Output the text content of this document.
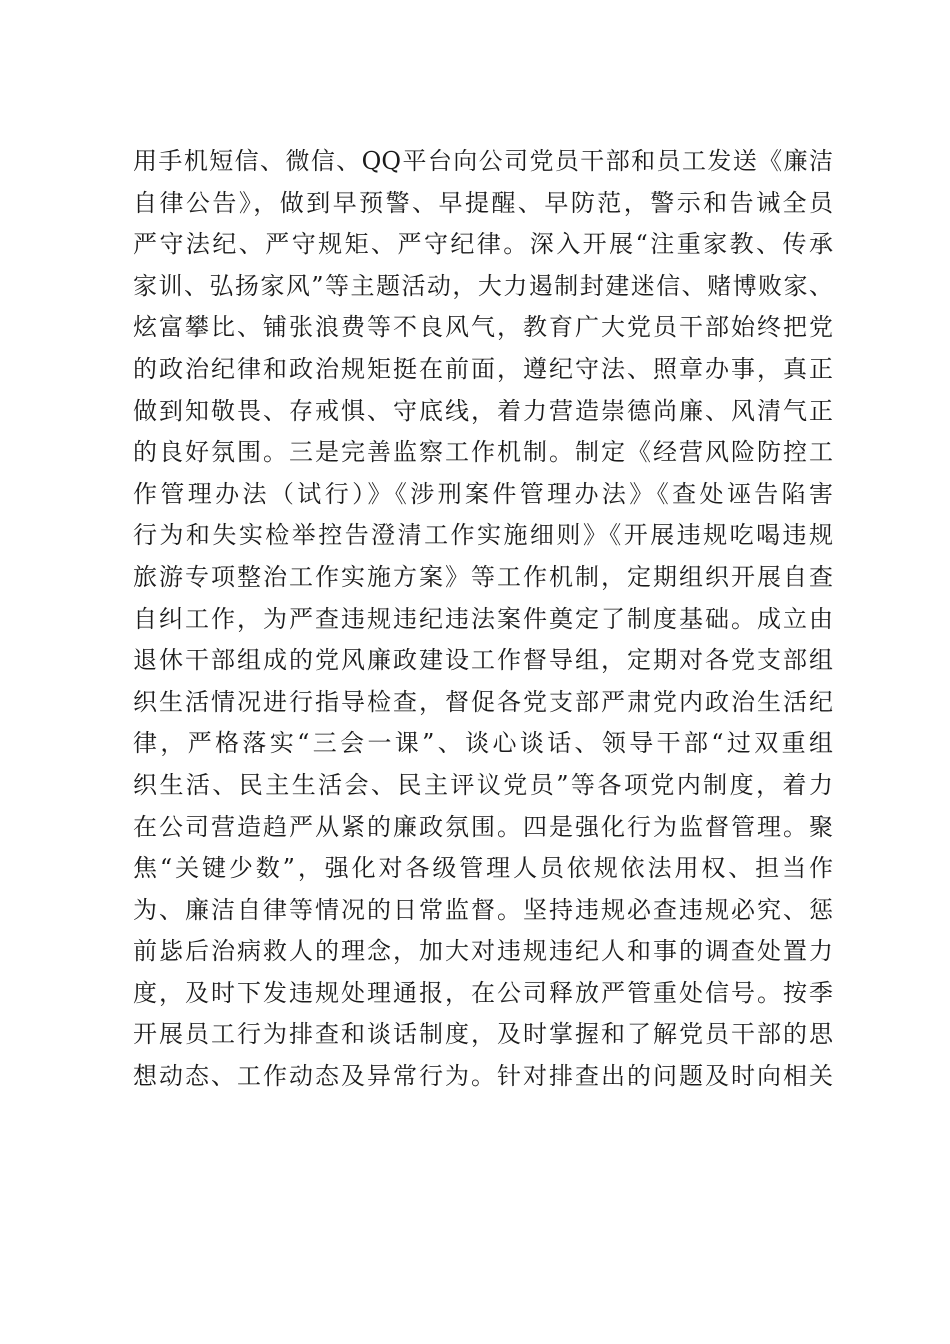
用手机短信、微信、QQ平台向公司党员干部和员工发送《廉洁
自律公告》，做到早预警、早提醒、早防范，警示和告诫全员
严守法纪、严守规矩、严守纪律。深入开展“注重家教、传承
家训、弘扬家风”等主题活动，大力遏制封建迷信、赌博败家、
炫富攀比、铺张浪费等不良风气，教育广大党员干部始终把党
的政治纪律和政治规矩挺在前面，遵纪守法、照章办事，真正
做到知敬畏、存戒惧、守底线，着力营造崇德尚廉、风清气正
的良好氛围。三是完善监察工作机制。制定《经营风险防控工
作管理办法（试行）》《涉刑案件管理办法》《查处诬告陷害
行为和失实检举控告澄清工作实施细则》《开展违规吃喝违规
旅游专项整治工作实施方案》等工作机制，定期组织开展自查
自纠工作，为严查违规违纪违法案件奠定了制度基础。成立由
退休干部组成的党风廉政建设工作督导组，定期对各党支部组
织生活情况进行指导检查，督促各党支部严肃党内政治生活纪
律，严格落实“三会一课”、谈心谈话、领导干部“过双重组
织生活、民主生活会、民主评议党员”等各项党内制度，着力
在公司营造趋严从紧的廉政氛围。四是强化行为监督管理。聚
焦“关键少数”，强化对各级管理人员依规依法用权、担当作
为、廉洁自律等情况的日常监督。坚持违规必查违规必究、惩
前毖后治病救人的理念，加大对违规违纪人和事的调查处置力
度，及时下发违规处理通报，在公司释放严管重处信号。按季
开展员工行为排查和谈话制度，及时掌握和了解党员干部的思
想动态、工作动态及异常行为。针对排查出的问题及时向相关
